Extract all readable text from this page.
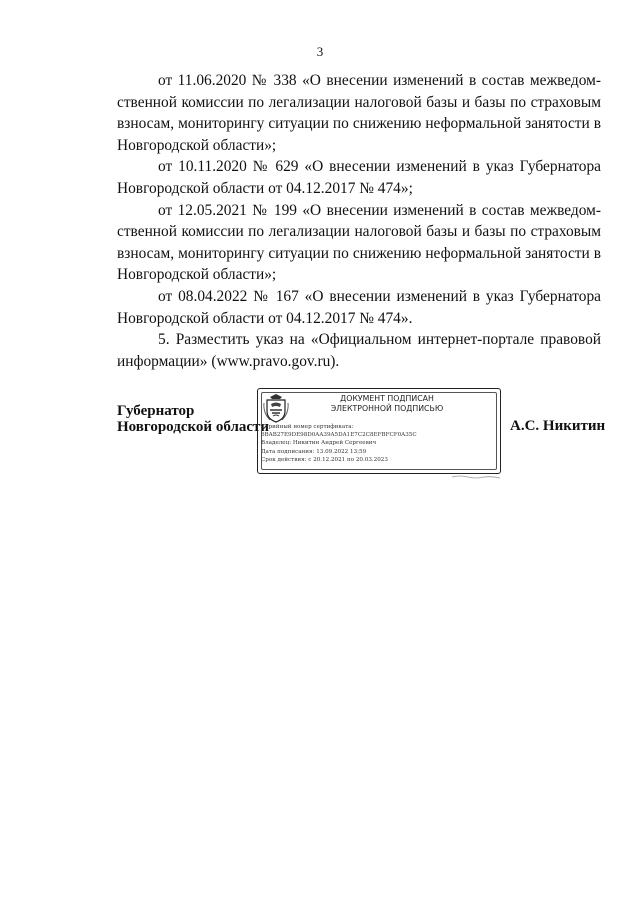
3

от 11.06.2020 № 338 «О внесении изменений в состав межведом-ственной комиссии по легализации налоговой базы и базы по страховым взносам, мониторингу ситуации по снижению неформальной занятости в Новгородской области»;

от 10.11.2020 № 629 «О внесении изменений в указ Губернатора Новгородской области от 04.12.2017 № 474»;

от 12.05.2021 № 199 «О внесении изменений в состав межведом-ственной комиссии по легализации налоговой базы и базы по страховым взносам, мониторингу ситуации по снижению неформальной занятости в Новгородской области»;

от 08.04.2022 № 167 «О внесении изменений в указ Губернатора Новгородской области от 04.12.2017 № 474».

5. Разместить указ на «Официальном интернет-портале правовой информации» (www.pravo.gov.ru).

Губернатор
Новгородской области
ДОКУМЕНТ ПОДПИСАН
ЭЛЕКТРОННОЙ ПОДПИСЬЮ
Серийный номер сертификата:
6BAB27E9DE98D0AA39A5DA1E7C2C8EFBFCF0A35C
Владелец: Никитин Андрей Сергеевич
Дата подписания: 13.09.2022 13:59
Срок действия: с 20.12.2021 по 20.03.2023
А.С. Никитин
